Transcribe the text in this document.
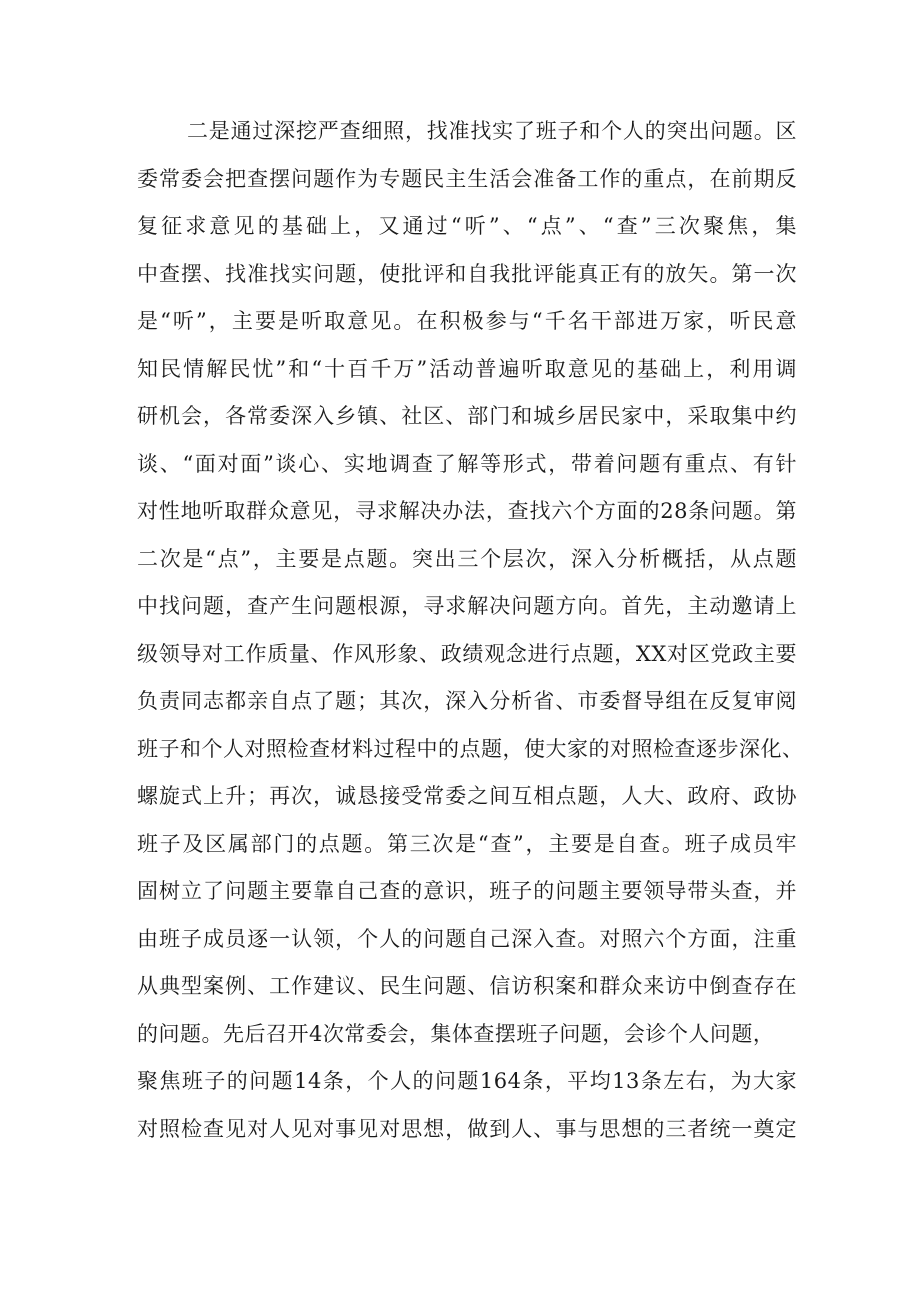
二是通过深挖严查细照，找准找实了班子和个人的突出问题。区
委常委会把查摆问题作为专题民主生活会准备工作的重点，在前期反
复征求意见的基础上，又通过“听”、“点”、“查”三次聚焦，集
中查摆、找准找实问题，使批评和自我批评能真正有的放矢。第一次
是“听”，主要是听取意见。在积极参与“千名干部进万家，听民意
知民情解民忧”和“十百千万”活动普遍听取意见的基础上，利用调
研机会，各常委深入乡镇、社区、部门和城乡居民家中，采取集中约
谈、“面对面”谈心、实地调查了解等形式，带着问题有重点、有针
对性地听取群众意见，寻求解决办法，查找六个方面的28条问题。第
二次是“点”，主要是点题。突出三个层次，深入分析概括，从点题
中找问题，查产生问题根源，寻求解决问题方向。首先，主动邀请上
级领导对工作质量、作风形象、政绩观念进行点题，XX对区党政主要
负责同志都亲自点了题；其次，深入分析省、市委督导组在反复审阅
班子和个人对照检查材料过程中的点题，使大家的对照检查逐步深化、
螺旋式上升；再次，诚恳接受常委之间互相点题，人大、政府、政协
班子及区属部门的点题。第三次是“查”，主要是自查。班子成员牢
固树立了问题主要靠自己查的意识，班子的问题主要领导带头查，并
由班子成员逐一认领，个人的问题自己深入查。对照六个方面，注重
从典型案例、工作建议、民生问题、信访积案和群众来访中倒查存在
的问题。先后召开4次常委会，集体查摆班子问题，会诊个人问题，
聚焦班子的问题14条，个人的问题164条，平均13条左右，为大家
对照检查见对人见对事见对思想，做到人、事与思想的三者统一奠定
